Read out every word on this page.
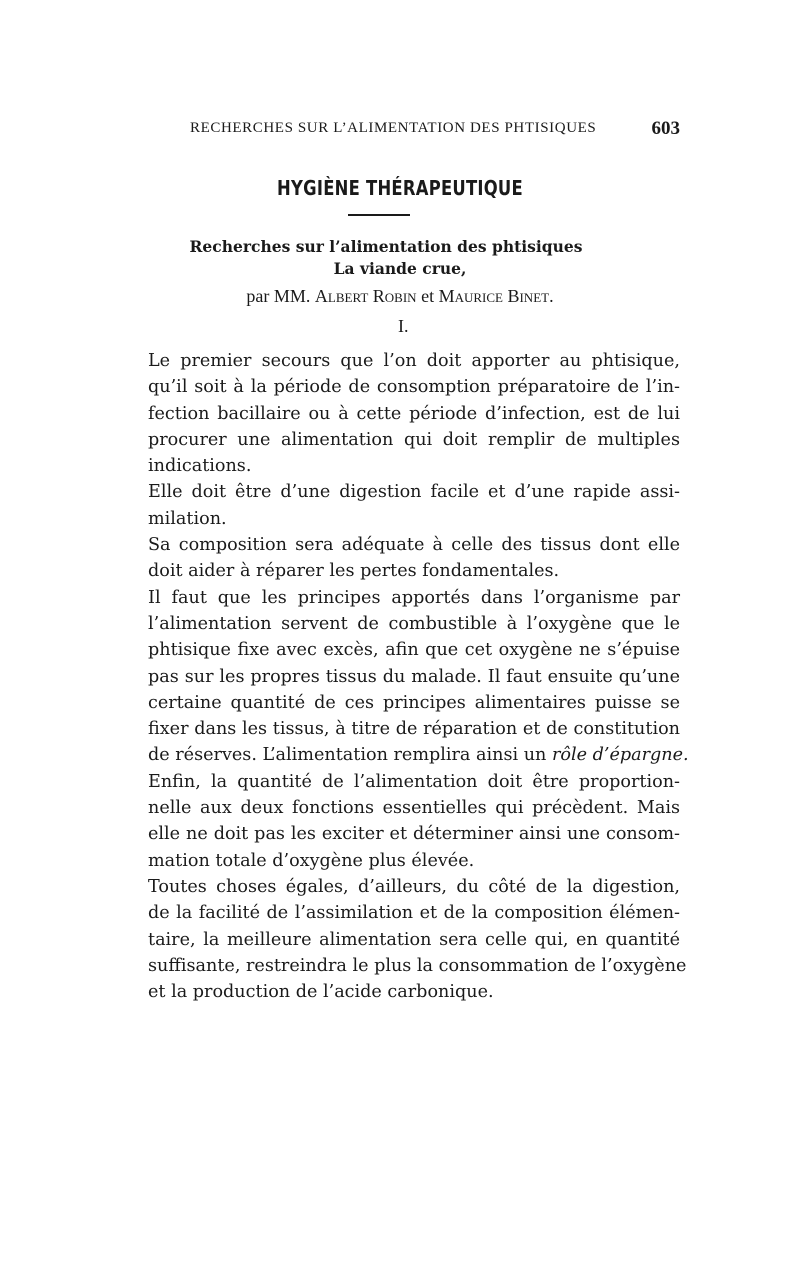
RECHERCHES SUR L’ALIMENTATION DES PHTISIQUES	603
HYGIÈNE THÉRAPEUTIQUE
Recherches sur l’alimentation des phtisiques
La viande crue,
par MM. Albert Robin et Maurice Binet.
I.

Le premier secours que l’on doit apporter au phtisique,
qu’il soit à la période de consomption préparatoire de l’in-
fection bacillaire ou à cette période d’infection, est de lui
procurer une alimentation qui doit remplir de multiples
indications.

Elle doit être d’une digestion facile et d’une rapide assi-
milation.

Sa composition sera adéquate à celle des tissus dont elle
doit aider à réparer les pertes fondamentales.

Il faut que les principes apportés dans l’organisme par
l’alimentation servent de combustible à l’oxygène que le
phtisique fixe avec excès, afin que cet oxygène ne s’épuise
pas sur les propres tissus du malade. Il faut ensuite qu’une
certaine quantité de ces principes alimentaires puisse se
fixer dans les tissus, à titre de réparation et de constitution
de réserves. L’alimentation remplira ainsi un rôle d’épargne.

Enfin, la quantité de l’alimentation doit être proportion-
nelle aux deux fonctions essentielles qui précèdent. Mais
elle ne doit pas les exciter et déterminer ainsi une consom-
mation totale d’oxygène plus élevée.

Toutes choses égales, d’ailleurs, du côté de la digestion,
de la facilité de l’assimilation et de la composition élémen-
taire, la meilleure alimentation sera celle qui, en quantité
suffisante, restreindra le plus la consommation de l’oxygène
et la production de l’acide carbonique.
